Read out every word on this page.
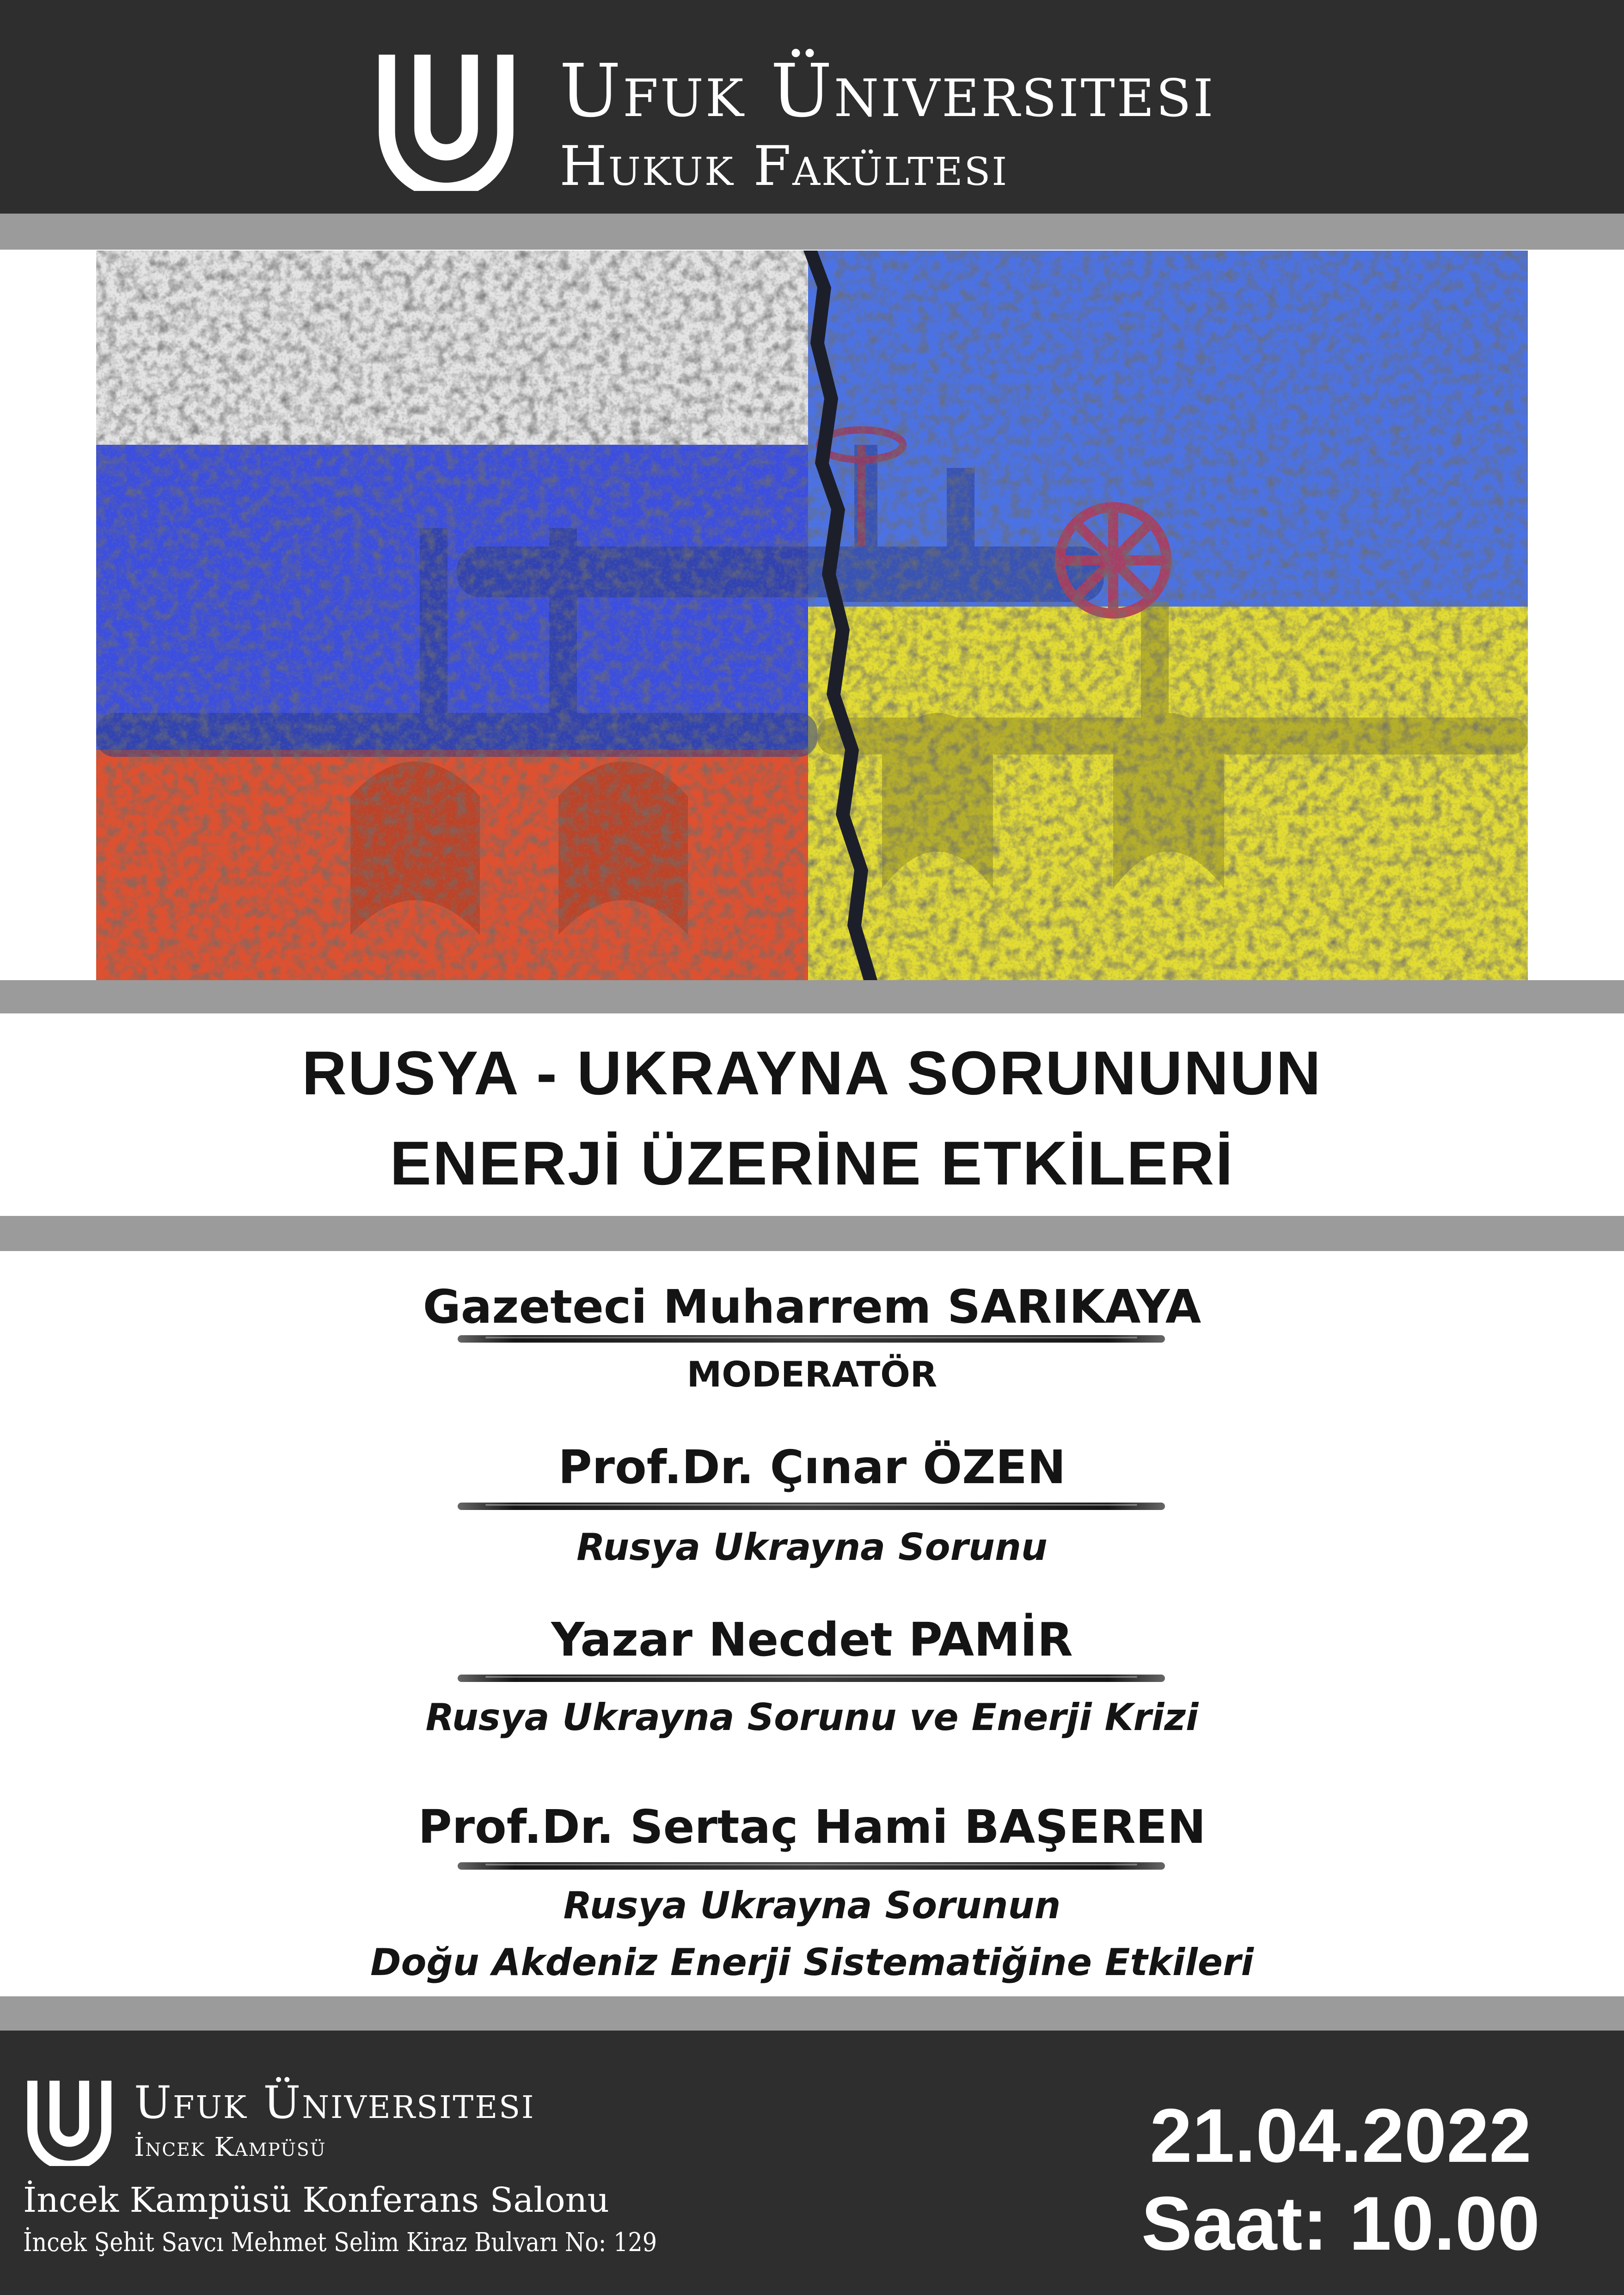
Ufuk Üniversitesi
Hukuk Fakültesi
RUSYA - UKRAYNA SORUNUNUN
ENERJİ ÜZERİNE ETKİLERİ
Gazeteci Muharrem SARIKAYA
MODERATÖR
Prof.Dr. Çınar ÖZEN
Rusya Ukrayna Sorunu
Yazar Necdet PAMİR
Rusya Ukrayna Sorunu ve Enerji Krizi
Prof.Dr. Sertaç Hami BAŞEREN
Rusya Ukrayna Sorunun
Doğu Akdeniz Enerji Sistematiğine Etkileri
Ufuk Üniversitesi
İncek Kampüsü
İncek Kampüsü Konferans Salonu
İncek Şehit Savcı Mehmet Selim Kiraz Bulvarı No: 129
21.04.2022
Saat: 10.00
